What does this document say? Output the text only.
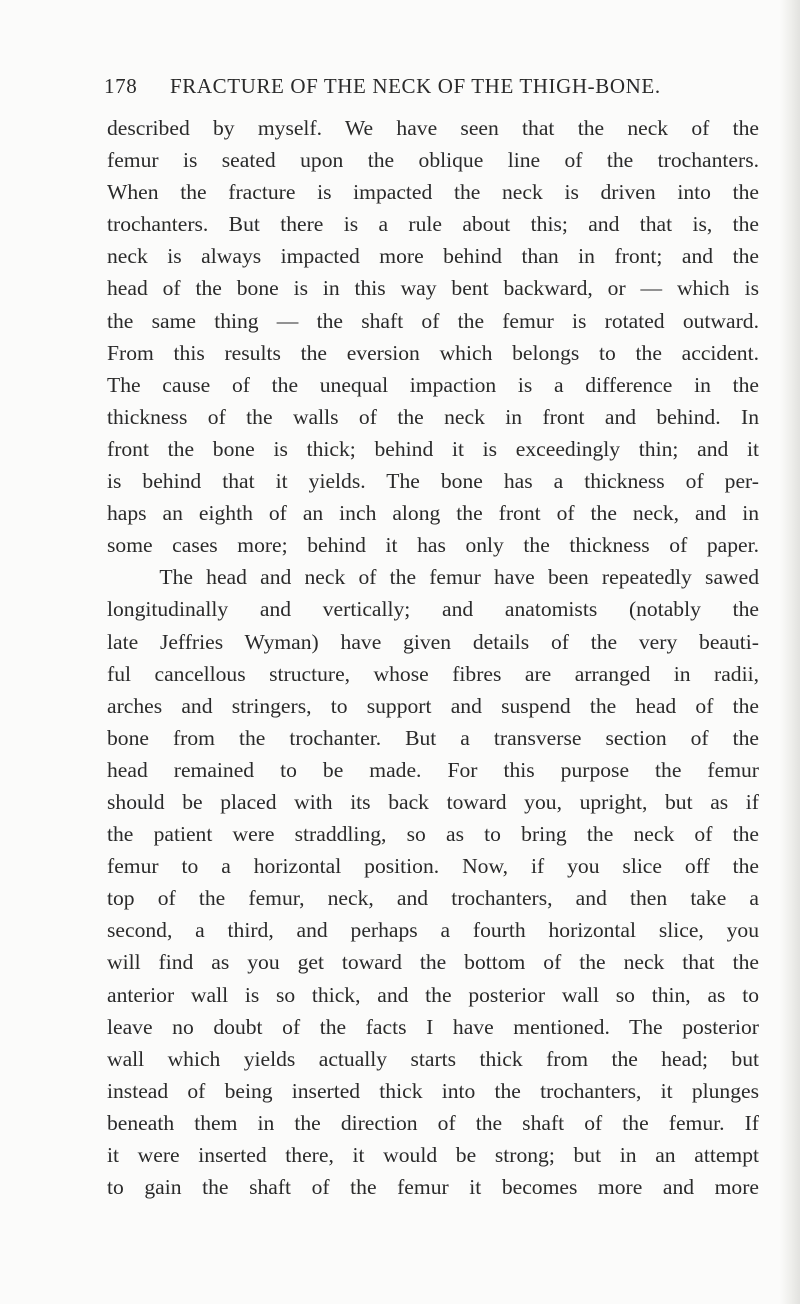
178 FRACTURE OF THE NECK OF THE THIGH-BONE.
described by myself. We have seen that the neck of the
femur is seated upon the oblique line of the trochanters.
When the fracture is impacted the neck is driven into the
trochanters. But there is a rule about this; and that is, the
neck is always impacted more behind than in front; and the
head of the bone is in this way bent backward, or — which is
the same thing — the shaft of the femur is rotated outward.
From this results the eversion which belongs to the accident.
The cause of the unequal impaction is a difference in the
thickness of the walls of the neck in front and behind. In
front the bone is thick; behind it is exceedingly thin; and it
is behind that it yields. The bone has a thickness of per-
haps an eighth of an inch along the front of the neck, and in
some cases more; behind it has only the thickness of paper.
The head and neck of the femur have been repeatedly sawed
longitudinally and vertically; and anatomists (notably the
late Jeffries Wyman) have given details of the very beauti-
ful cancellous structure, whose fibres are arranged in radii,
arches and stringers, to support and suspend the head of the
bone from the trochanter. But a transverse section of the
head remained to be made. For this purpose the femur
should be placed with its back toward you, upright, but as if
the patient were straddling, so as to bring the neck of the
femur to a horizontal position. Now, if you slice off the
top of the femur, neck, and trochanters, and then take a
second, a third, and perhaps a fourth horizontal slice, you
will find as you get toward the bottom of the neck that the
anterior wall is so thick, and the posterior wall so thin, as to
leave no doubt of the facts I have mentioned. The posterior
wall which yields actually starts thick from the head; but
instead of being inserted thick into the trochanters, it plunges
beneath them in the direction of the shaft of the femur. If
it were inserted there, it would be strong; but in an attempt
to gain the shaft of the femur it becomes more and more
